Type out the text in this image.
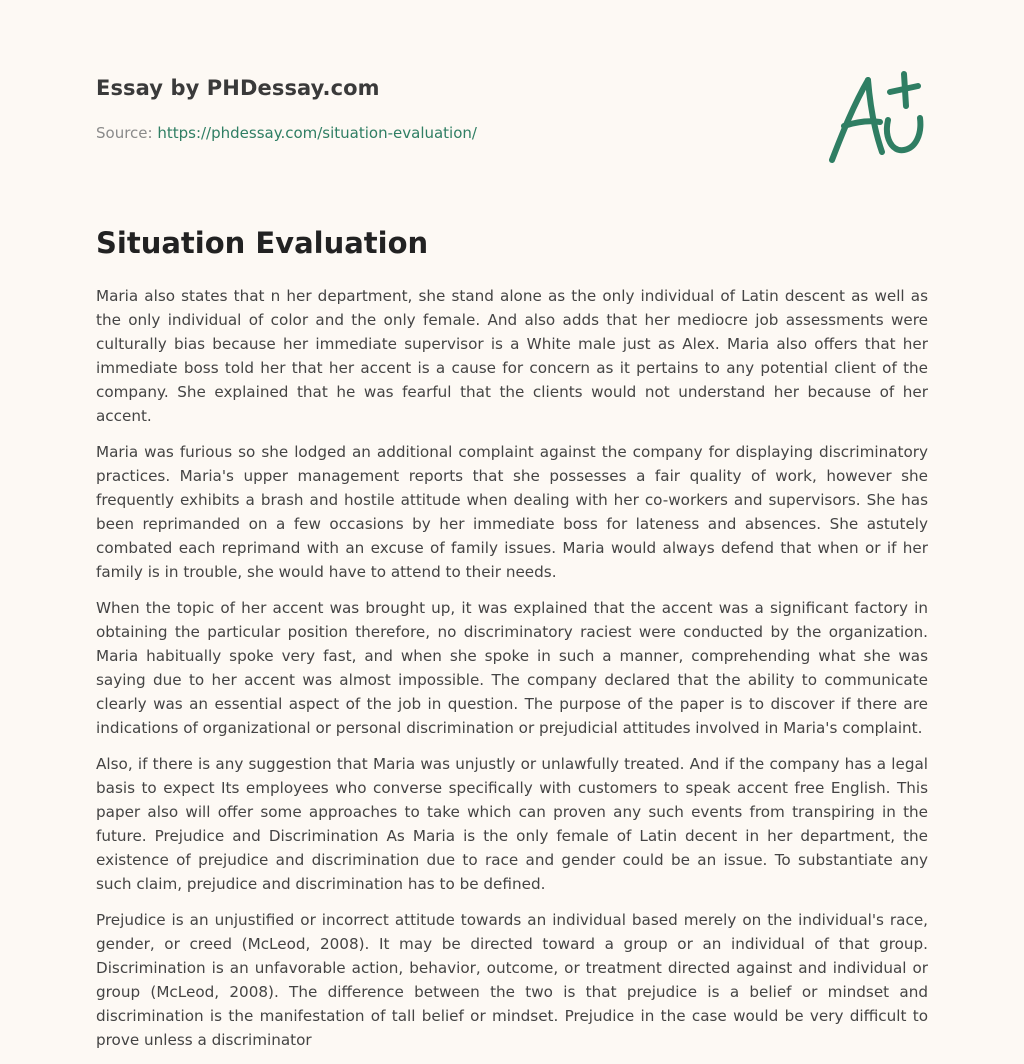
Essay by PHDessay.com
Source: https://phdessay.com/situation-evaluation/
Situation Evaluation

Maria also states that n her department, she stand alone as the only individual of Latin descent as well as the only individual of color and the only female. And also adds that her mediocre job assessments were culturally bias because her immediate supervisor is a White male just as Alex. Maria also offers that her immediate boss told her that her accent is a cause for concern as it pertains to any potential client of the company. She explained that he was fearful that the clients would not understand her because of her accent.

Maria was furious so she lodged an additional complaint against the company for displaying discriminatory practices. Maria's upper management reports that she possesses a fair quality of work, however she frequently exhibits a brash and hostile attitude when dealing with her co-workers and supervisors. She has been reprimanded on a few occasions by her immediate boss for lateness and absences. She astutely combated each reprimand with an excuse of family issues. Maria would always defend that when or if her family is in trouble, she would have to attend to their needs.

When the topic of her accent was brought up, it was explained that the accent was a significant factory in obtaining the particular position therefore, no discriminatory raciest were conducted by the organization. Maria habitually spoke very fast, and when she spoke in such a manner, comprehending what she was saying due to her accent was almost impossible. The company declared that the ability to communicate clearly was an essential aspect of the job in question. The purpose of the paper is to discover if there are indications of organizational or personal discrimination or prejudicial attitudes involved in Maria's complaint.

Also, if there is any suggestion that Maria was unjustly or unlawfully treated. And if the company has a legal basis to expect Its employees who converse specifically with customers to speak accent free English. This paper also will offer some approaches to take which can proven any such events from transpiring in the future. Prejudice and Discrimination As Maria is the only female of Latin decent in her department, the existence of prejudice and discrimination due to race and gender could be an issue. To substantiate any such claim, prejudice and discrimination has to be defined.

Prejudice is an unjustified or incorrect attitude towards an individual based merely on the individual's race, gender, or creed (McLeod, 2008). It may be directed toward a group or an individual of that group. Discrimination is an unfavorable action, behavior, outcome, or treatment directed against and individual or group (McLeod, 2008). The difference between the two is that prejudice is a belief or mindset and discrimination is the manifestation of tall belief or mindset. Prejudice in the case would be very difficult to prove unless a discriminator
